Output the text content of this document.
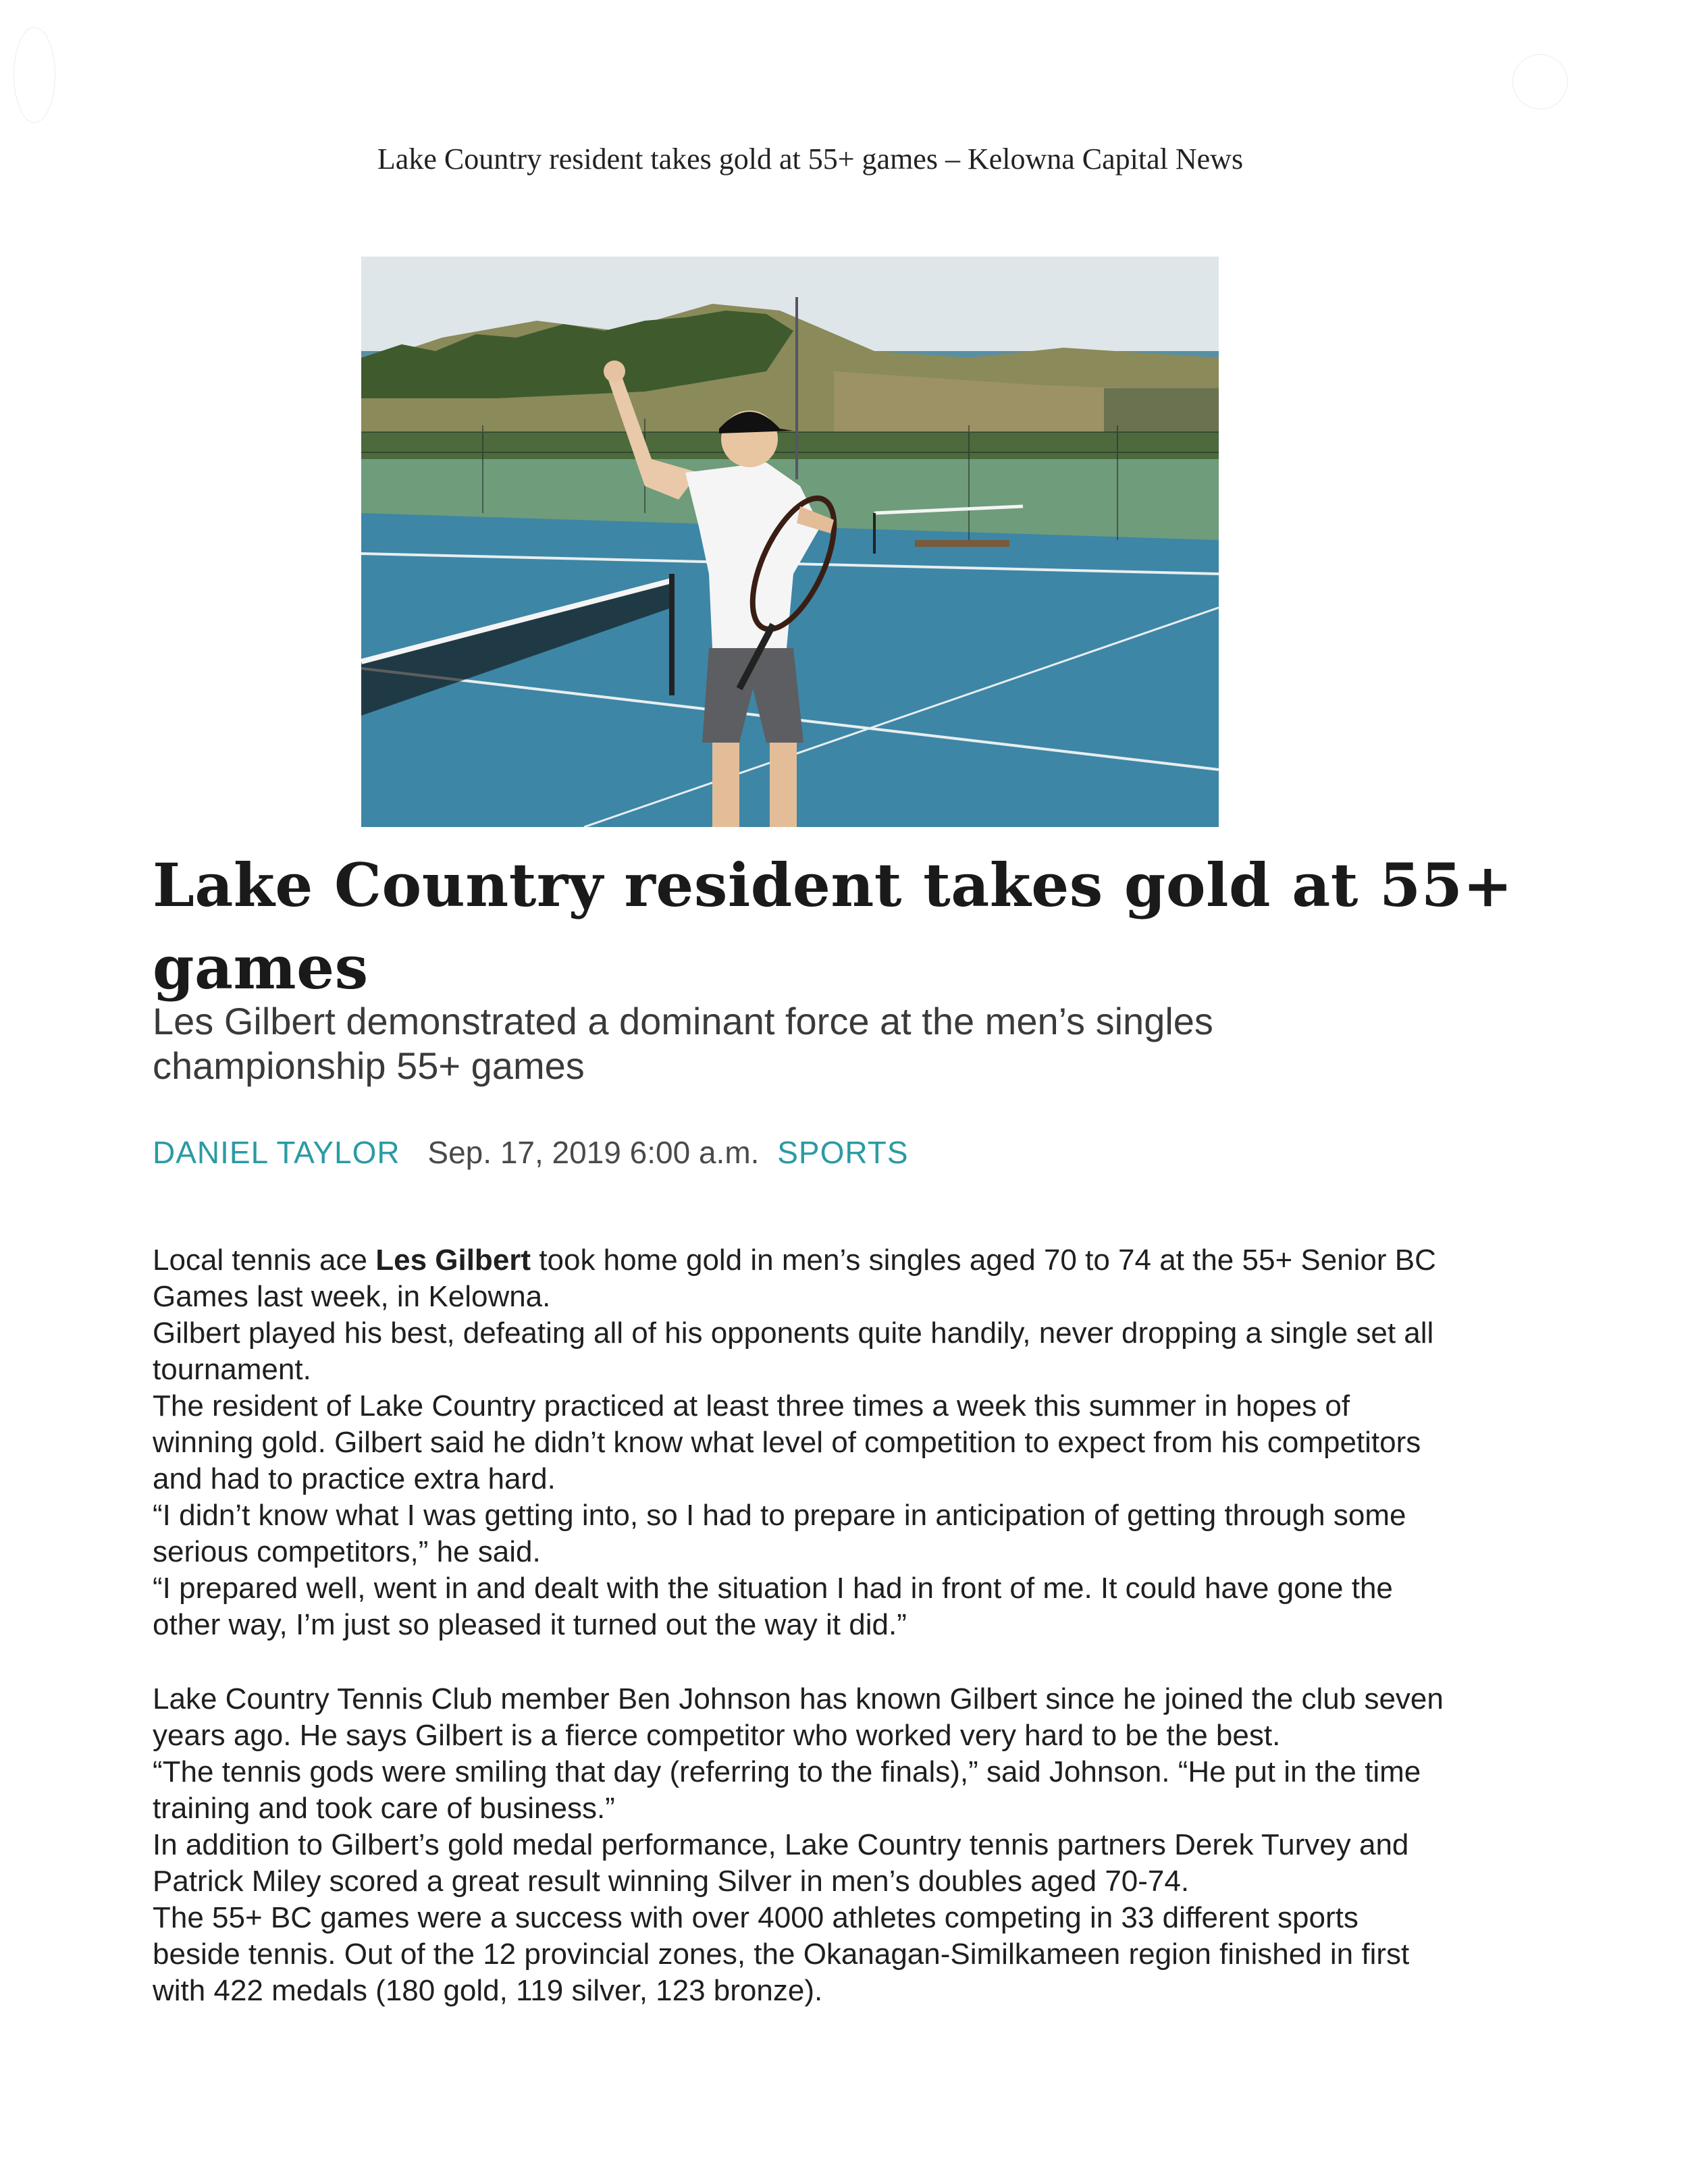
Lake Country resident takes gold at 55+ games – Kelowna Capital News
Lake Country resident takes gold at 55+ games
Les Gilbert demonstrated a dominant force at the men’s singles championship 55+ games
DANIEL TAYLOR Sep. 17, 2019 6:00 a.m. SPORTS

Local tennis ace Les Gilbert took home gold in men’s singles aged 70 to 74 at the 55+ Senior BC Games last week, in Kelowna.

Gilbert played his best, defeating all of his opponents quite handily, never dropping a single set all tournament.

The resident of Lake Country practiced at least three times a week this summer in hopes of winning gold. Gilbert said he didn’t know what level of competition to expect from his competitors and had to practice extra hard.

“I didn’t know what I was getting into, so I had to prepare in anticipation of getting through some serious competitors,” he said.

“I prepared well, went in and dealt with the situation I had in front of me. It could have gone the other way, I’m just so pleased it turned out the way it did.”

Lake Country Tennis Club member Ben Johnson has known Gilbert since he joined the club seven years ago. He says Gilbert is a fierce competitor who worked very hard to be the best.

“The tennis gods were smiling that day (referring to the finals),” said Johnson. “He put in the time training and took care of business.”

In addition to Gilbert’s gold medal performance, Lake Country tennis partners Derek Turvey and Patrick Miley scored a great result winning Silver in men’s doubles aged 70-74.

The 55+ BC games were a success with over 4000 athletes competing in 33 different sports beside tennis. Out of the 12 provincial zones, the Okanagan-Similkameen region finished in first with 422 medals (180 gold, 119 silver, 123 bronze).
